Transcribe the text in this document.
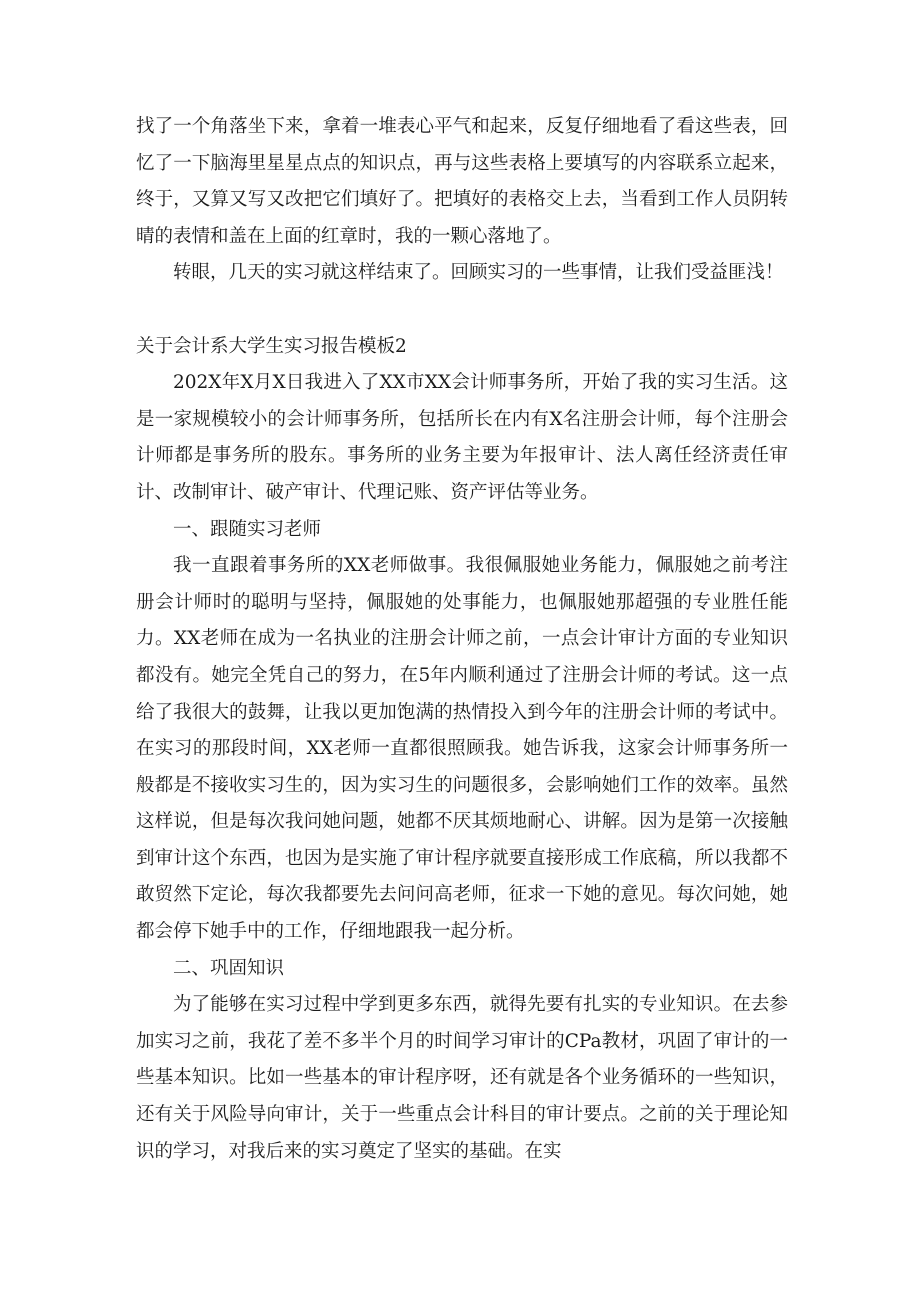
找了一个角落坐下来，拿着一堆表心平气和起来，反复仔细地看了看这些表，回忆了一下脑海里星星点点的知识点，再与这些表格上要填写的内容联系立起来，终于，又算又写又改把它们填好了。把填好的表格交上去，当看到工作人员阴转晴的表情和盖在上面的红章时，我的一颗心落地了。

转眼，几天的实习就这样结束了。回顾实习的一些事情，让我们受益匪浅！

关于会计系大学生实习报告模板2

202X年X月X日我进入了XX市XX会计师事务所，开始了我的实习生活。这是一家规模较小的会计师事务所，包括所长在内有X名注册会计师，每个注册会计师都是事务所的股东。事务所的业务主要为年报审计、法人离任经济责任审计、改制审计、破产审计、代理记账、资产评估等业务。

一、跟随实习老师

我一直跟着事务所的XX老师做事。我很佩服她业务能力，佩服她之前考注册会计师时的聪明与坚持，佩服她的处事能力，也佩服她那超强的专业胜任能力。XX老师在成为一名执业的注册会计师之前，一点会计审计方面的专业知识都没有。她完全凭自己的努力，在5年内顺利通过了注册会计师的考试。这一点给了我很大的鼓舞，让我以更加饱满的热情投入到今年的注册会计师的考试中。在实习的那段时间，XX老师一直都很照顾我。她告诉我，这家会计师事务所一般都是不接收实习生的，因为实习生的问题很多，会影响她们工作的效率。虽然这样说，但是每次我问她问题，她都不厌其烦地耐心、讲解。因为是第一次接触到审计这个东西，也因为是实施了审计程序就要直接形成工作底稿，所以我都不敢贸然下定论，每次我都要先去问问高老师，征求一下她的意见。每次问她，她都会停下她手中的工作，仔细地跟我一起分析。

二、巩固知识

为了能够在实习过程中学到更多东西，就得先要有扎实的专业知识。在去参加实习之前，我花了差不多半个月的时间学习审计的CPa教材，巩固了审计的一些基本知识。比如一些基本的审计程序呀，还有就是各个业务循环的一些知识，还有关于风险导向审计，关于一些重点会计科目的审计要点。之前的关于理论知识的学习，对我后来的实习奠定了坚实的基础。在实
